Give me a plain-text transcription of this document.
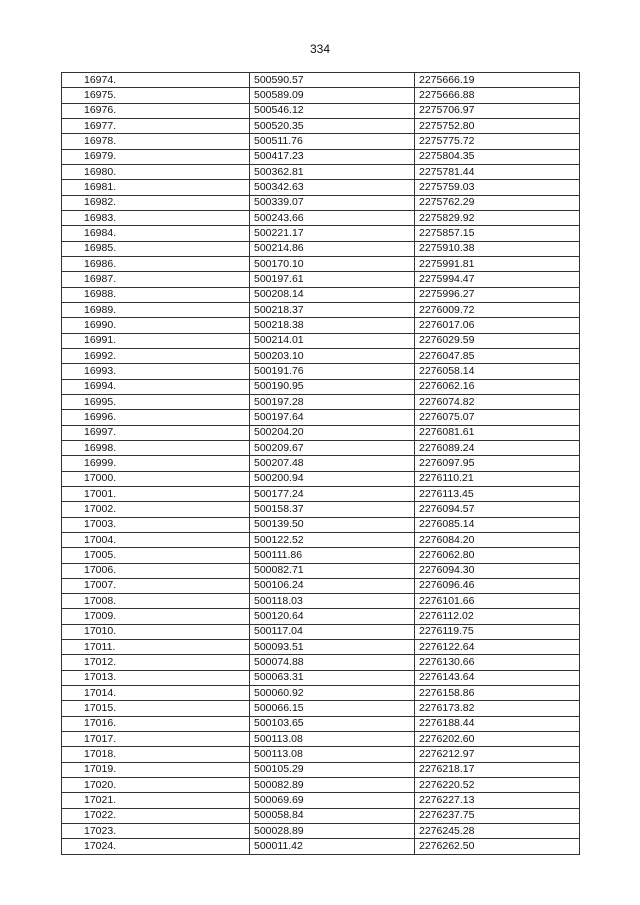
334
16974.	500590.57	2275666.19
16975.	500589.09	2275666.88
16976.	500546.12	2275706.97
16977.	500520.35	2275752.80
16978.	500511.76	2275775.72
16979.	500417.23	2275804.35
16980.	500362.81	2275781.44
16981.	500342.63	2275759.03
16982.	500339.07	2275762.29
16983.	500243.66	2275829.92
16984.	500221.17	2275857.15
16985.	500214.86	2275910.38
16986.	500170.10	2275991.81
16987.	500197.61	2275994.47
16988.	500208.14	2275996.27
16989.	500218.37	2276009.72
16990.	500218.38	2276017.06
16991.	500214.01	2276029.59
16992.	500203.10	2276047.85
16993.	500191.76	2276058.14
16994.	500190.95	2276062.16
16995.	500197.28	2276074.82
16996.	500197.64	2276075.07
16997.	500204.20	2276081.61
16998.	500209.67	2276089.24
16999.	500207.48	2276097.95
17000.	500200.94	2276110.21
17001.	500177.24	2276113.45
17002.	500158.37	2276094.57
17003.	500139.50	2276085.14
17004.	500122.52	2276084.20
17005.	500111.86	2276062.80
17006.	500082.71	2276094.30
17007.	500106.24	2276096.46
17008.	500118.03	2276101.66
17009.	500120.64	2276112.02
17010.	500117.04	2276119.75
17011.	500093.51	2276122.64
17012.	500074.88	2276130.66
17013.	500063.31	2276143.64
17014.	500060.92	2276158.86
17015.	500066.15	2276173.82
17016.	500103.65	2276188.44
17017.	500113.08	2276202.60
17018.	500113.08	2276212.97
17019.	500105.29	2276218.17
17020.	500082.89	2276220.52
17021.	500069.69	2276227.13
17022.	500058.84	2276237.75
17023.	500028.89	2276245.28
17024.	500011.42	2276262.50
